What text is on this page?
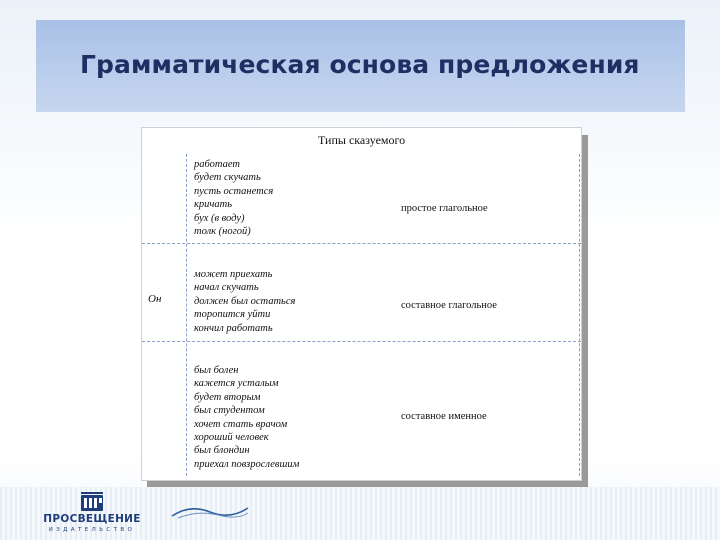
Грамматическая основа предложения
Типы сказуемого
Он
работает
будет скучать
пусть останется
кричать
бух (в воду)
толк (ногой)
простое глагольное
может приехать
начал скучать
должен был остаться
торопится уйти
кончил работать
составное глагольное
был болен
кажется усталым
будет вторым
был студентом
хочет стать врачом
хороший человек
был блондин
приехал повзрослевшим
составное именное
ПРОСВЕЩЕНИЕ
ИЗДАТЕЛЬСТВО
